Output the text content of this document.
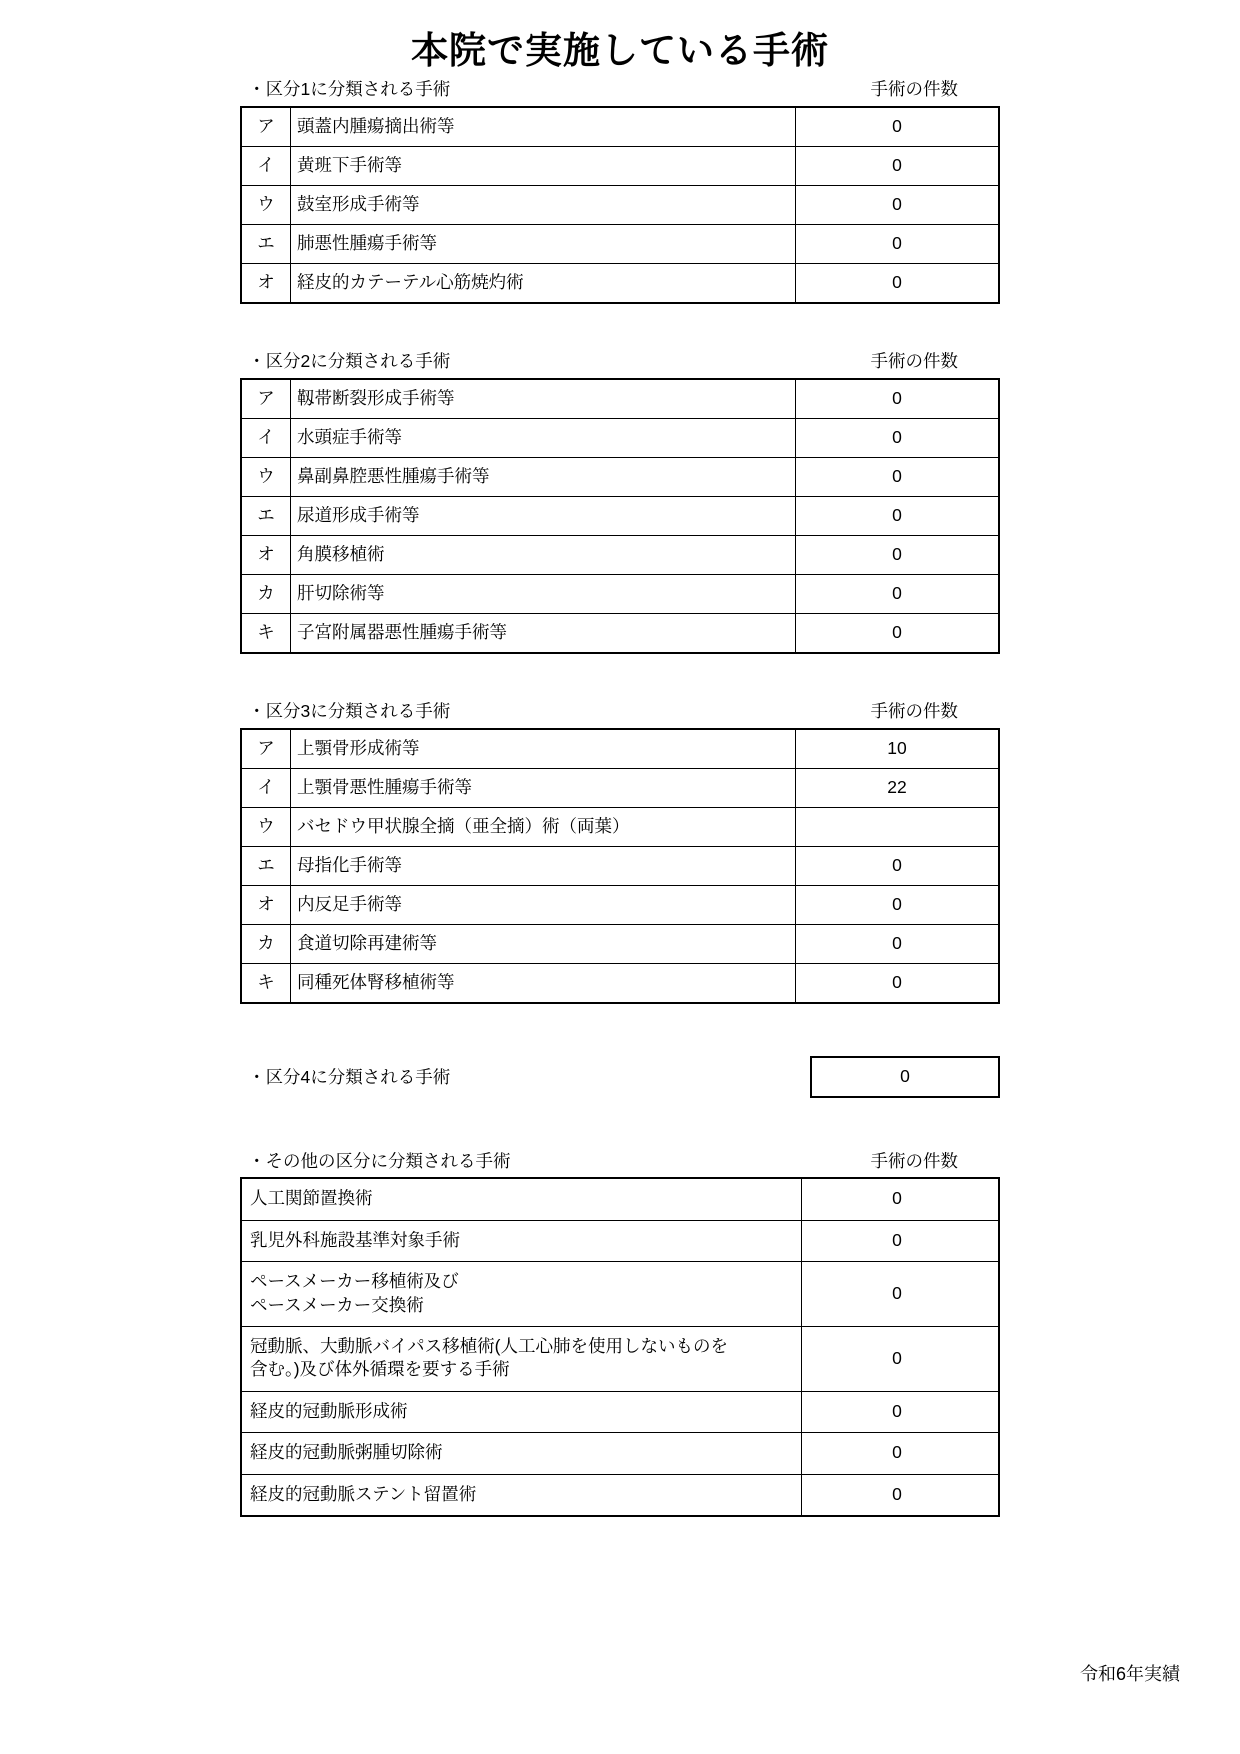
本院で実施している手術
・区分1に分類される手術	手術の件数
ア	頭蓋内腫瘍摘出術等	0
イ	黄班下手術等	0
ウ	鼓室形成手術等	0
エ	肺悪性腫瘍手術等	0
オ	経皮的カテーテル心筋焼灼術	0
・区分2に分類される手術	手術の件数
ア	靱帯断裂形成手術等	0
イ	水頭症手術等	0
ウ	鼻副鼻腔悪性腫瘍手術等	0
エ	尿道形成手術等	0
オ	角膜移植術	0
カ	肝切除術等	0
キ	子宮附属器悪性腫瘍手術等	0
・区分3に分類される手術	手術の件数
ア	上顎骨形成術等	10
イ	上顎骨悪性腫瘍手術等	22
ウ	バセドウ甲状腺全摘（亜全摘）術（両葉）	
エ	母指化手術等	0
オ	内反足手術等	0
カ	食道切除再建術等	0
キ	同種死体腎移植術等	0
・区分4に分類される手術	0
・その他の区分に分類される手術	手術の件数
人工関節置換術	0
乳児外科施設基準対象手術	0

ペースメーカー移植術及び
ペースメーカー交換術	0

冠動脈、大動脈バイパス移植術(人工心肺を使用しないものを
含む。)及び体外循環を要する手術	0
経皮的冠動脈形成術	0
経皮的冠動脈粥腫切除術	0
経皮的冠動脈ステント留置術	0
令和6年実績
